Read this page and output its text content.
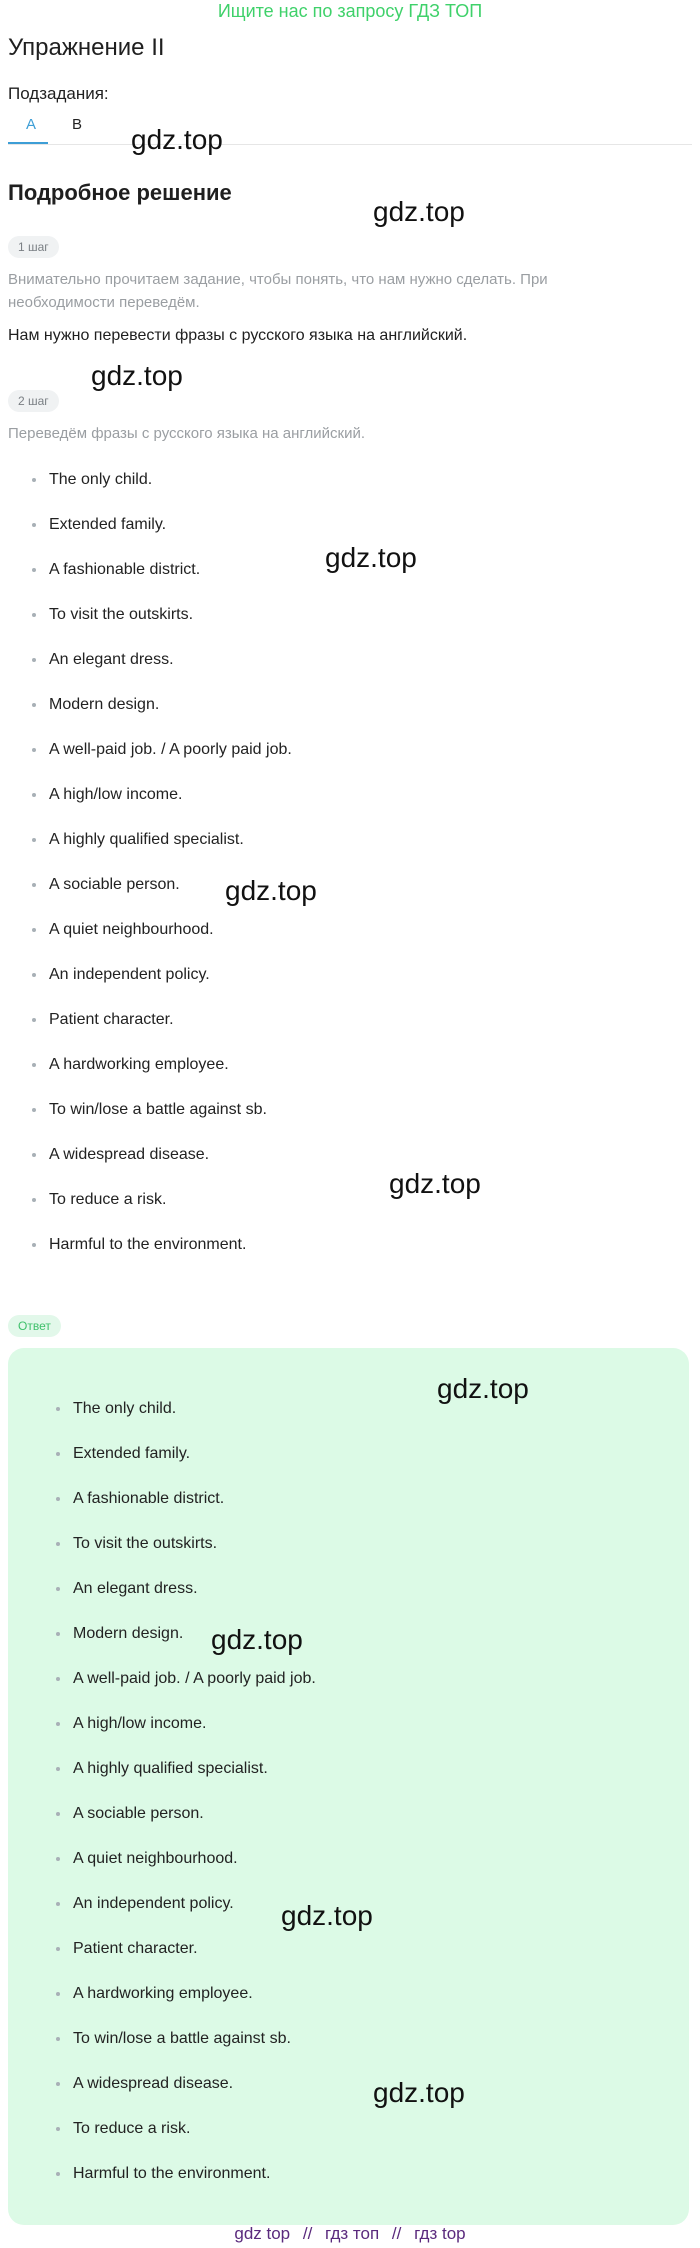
Ищите нас по запросу ГДЗ ТОП
Упражнение II
Подзадания:
A B
Подробное решение
1 шаг
Внимательно прочитаем задание, чтобы понять, что нам нужно сделать. При необходимости переведём.
Нам нужно перевести фразы с русского языка на английский.
2 шаг
Переведём фразы с русского языка на английский.
The only child.
Extended family.
A fashionable district.
To visit the outskirts.
An elegant dress.
Modern design.
A well-paid job. / A poorly paid job.
A high/low income.
A highly qualified specialist.
A sociable person.
A quiet neighbourhood.
An independent policy.
Patient character.
A hardworking employee.
To win/lose a battle against sb.
A widespread disease.
To reduce a risk.
Harmful to the environment.
Ответ
The only child.
Extended family.
A fashionable district.
To visit the outskirts.
An elegant dress.
Modern design.
A well-paid job. / A poorly paid job.
A high/low income.
A highly qualified specialist.
A sociable person.
A quiet neighbourhood.
An independent policy.
Patient character.
A hardworking employee.
To win/lose a battle against sb.
A widespread disease.
To reduce a risk.
Harmful to the environment.
gdz.top
gdz.top
gdz.top
gdz.top
gdz.top
gdz.top
gdz.top
gdz.top
gdz.top
gdz.top
gdz top // гдз топ // гдз top
